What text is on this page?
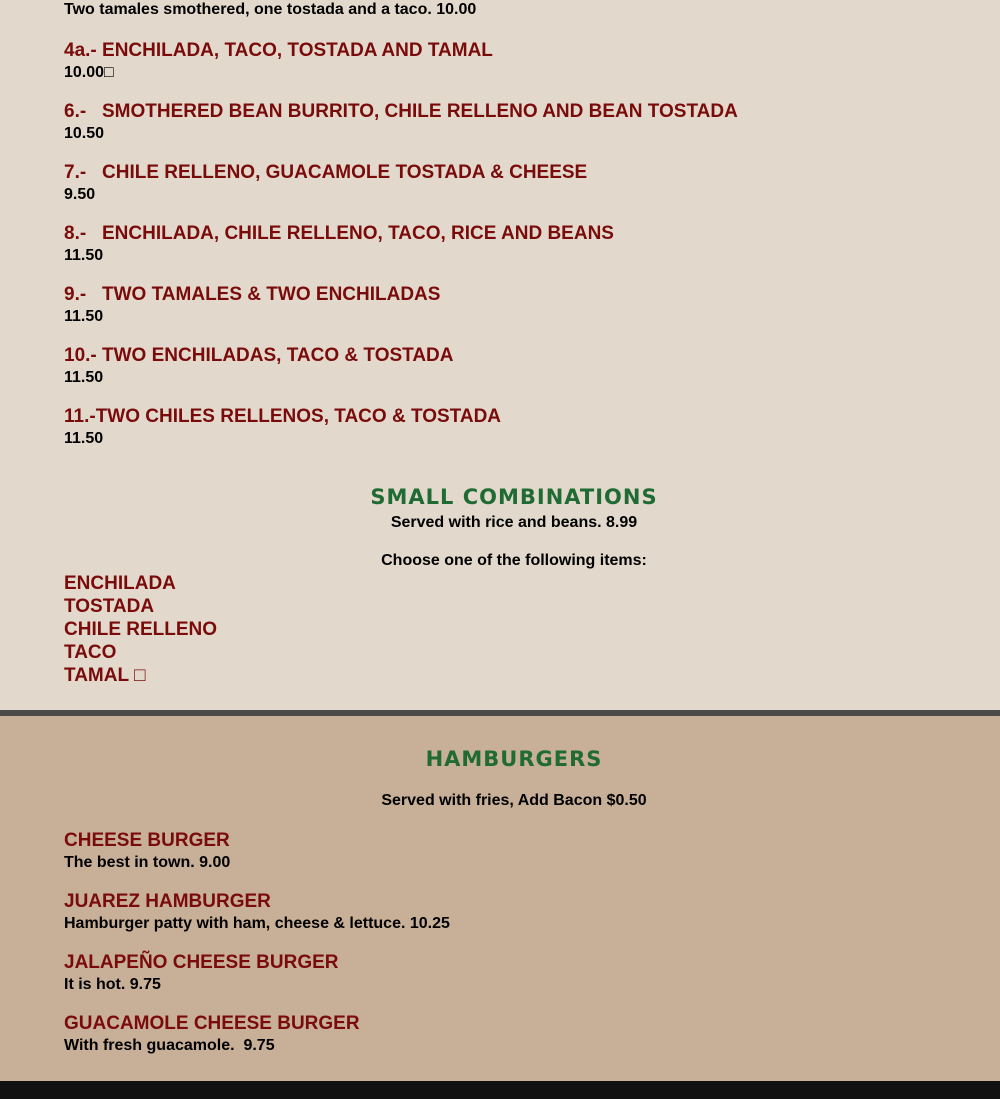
Two tamales smothered, one tostada and a taco. 10.00
4a.- ENCHILADA, TACO, TOSTADA AND TAMAL
10.00□
6.-   SMOTHERED BEAN BURRITO, CHILE RELLENO AND BEAN TOSTADA
10.50
7.-   CHILE RELLENO, GUACAMOLE TOSTADA & CHEESE
9.50
8.-   ENCHILADA, CHILE RELLENO, TACO, RICE AND BEANS
11.50
9.-   TWO TAMALES & TWO ENCHILADAS
11.50
10.- TWO ENCHILADAS, TACO & TOSTADA
11.50
11.-TWO CHILES RELLENOS, TACO & TOSTADA
11.50
SMALL COMBINATIONS
Served with rice and beans. 8.99
Choose one of the following items:
ENCHILADA
TOSTADA
CHILE RELLENO
TACO
TAMAL □
HAMBURGERS
Served with fries, Add Bacon $0.50
CHEESE BURGER
The best in town. 9.00
JUAREZ HAMBURGER
Hamburger patty with ham, cheese & lettuce. 10.25
JALAPEÑO CHEESE BURGER
It is hot. 9.75
GUACAMOLE CHEESE BURGER
With fresh guacamole.  9.75
